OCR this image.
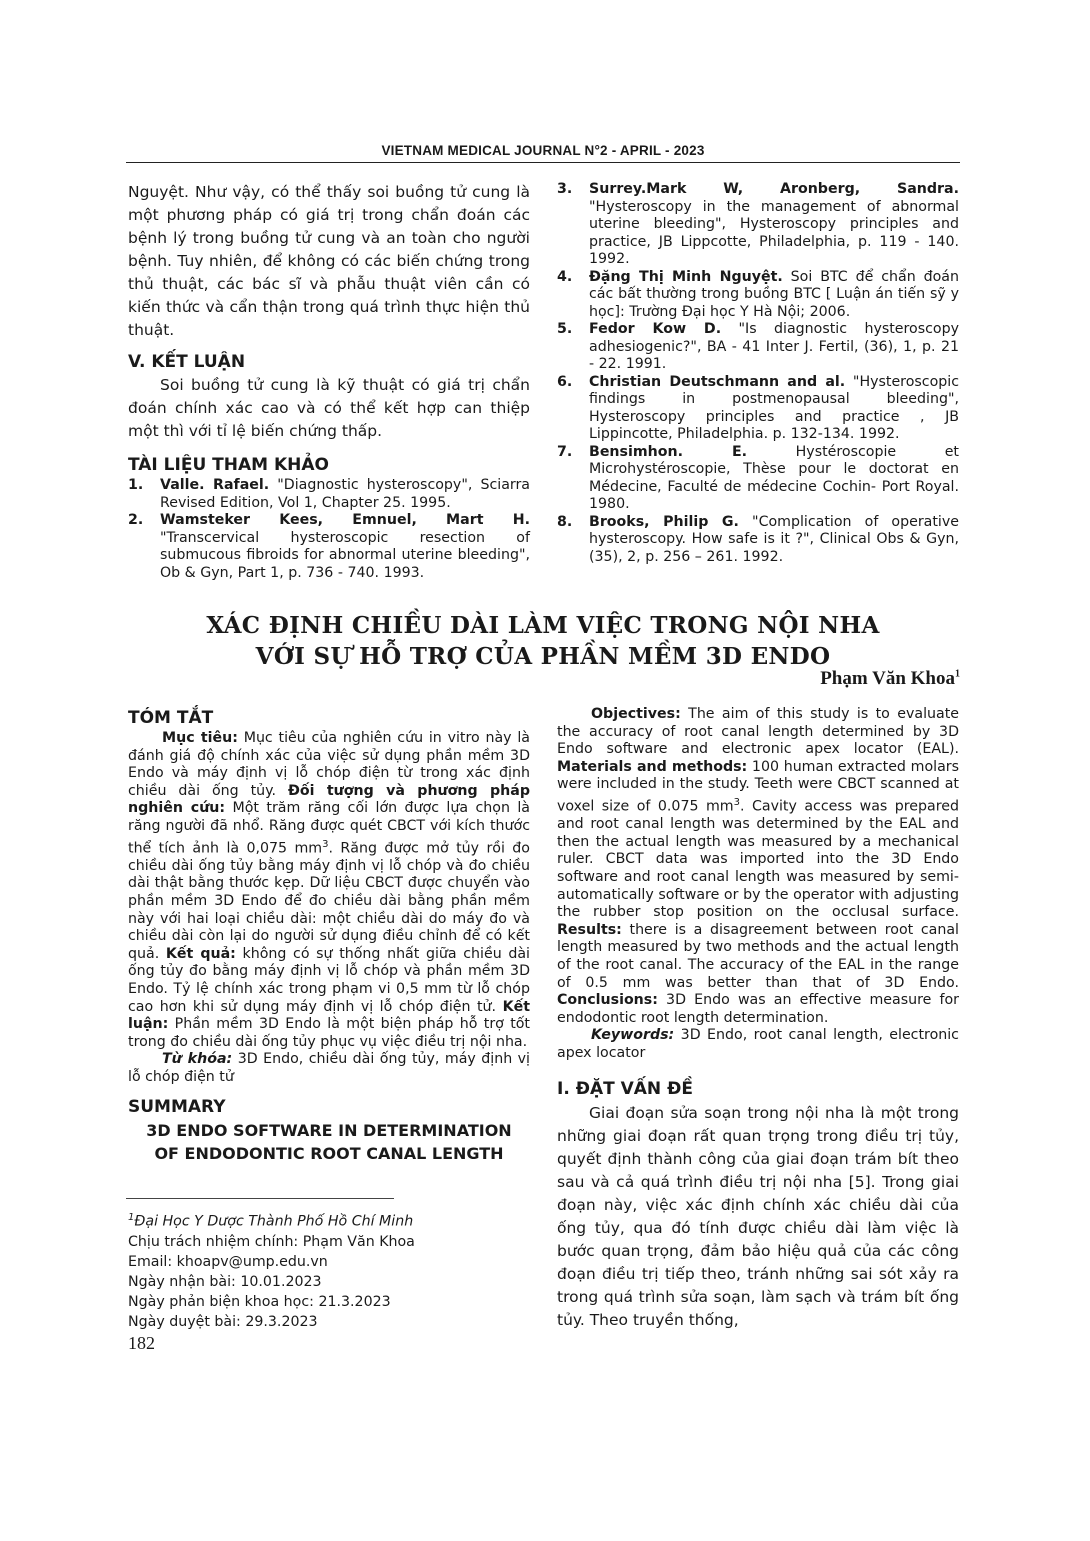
VIETNAM MEDICAL JOURNAL N°2 - APRIL - 2023

Nguyệt. Như vậy, có thể thấy soi buồng tử cung là một phương pháp có giá trị trong chẩn đoán các bệnh lý trong buồng tử cung và an toàn cho người bệnh. Tuy nhiên, để không có các biến chứng trong thủ thuật, các bác sĩ và phẫu thuật viên cần có kiến thức và cẩn thận trong quá trình thực hiện thủ thuật.

V. KẾT LUẬN

Soi buồng tử cung là kỹ thuật có giá trị chẩn đoán chính xác cao và có thể kết hợp can thiệp một thì với tỉ lệ biến chứng thấp.

TÀI LIỆU THAM KHẢO

1.	Valle. Rafael. "Diagnostic hysteroscopy", Sciarra Revised Edition, Vol 1, Chapter 25. 1995.
2.	Wamsteker Kees, Emnuel, Mart H. "Transcervical hysteroscopic resection of submucous fibroids for abnormal uterine bleeding", Ob & Gyn, Part 1, p. 736 - 740. 1993.
3.	Surrey.Mark W, Aronberg, Sandra. "Hysteroscopy in the management of abnormal uterine bleeding", Hysteroscopy principles and practice, JB Lippcotte, Philadelphia, p. 119 - 140. 1992.
4.	Đặng Thị Minh Nguyệt. Soi BTC để chẩn đoán các bất thường trong buồng BTC [ Luận án tiến sỹ y học]: Trường Đại học Y Hà Nội; 2006.
5.	Fedor Kow D. "Is diagnostic hysteroscopy adhesiogenic?", BA - 41 Inter J. Fertil, (36), 1, p. 21 - 22. 1991.
6.	Christian Deutschmann and al. "Hysteroscopic findings in postmenopausal bleeding", Hysteroscopy principles and practice , JB Lippincotte, Philadelphia. p. 132-134. 1992.
7.	Bensimhon. E. Hystéroscopie et Microhystéroscopie, Thèse pour le doctorat en Médecine, Faculté de médecine Cochin- Port Royal. 1980.
8.	Brooks, Philip G. "Complication of operative hysteroscopy. How safe is it ?", Clinical Obs & Gyn, (35), 2, p. 256 – 261. 1992.
XÁC ĐỊNH CHIỀU DÀI LÀM VIỆC TRONG NỘI NHA
VỚI SỰ HỖ TRỢ CỦA PHẦN MỀM 3D ENDO
Phạm Văn Khoa$^1$

TÓM TẮT

Mục tiêu: Mục tiêu của nghiên cứu in vitro này là đánh giá độ chính xác của việc sử dụng phần mềm 3D Endo và máy định vị lỗ chóp điện từ trong xác định chiều dài ống tủy. Đối tượng và phương pháp nghiên cứu: Một trăm răng cối lớn được lựa chọn là răng người đã nhổ. Răng được quét CBCT với kích thước thể tích ảnh là 0,075 $mm^3$. Răng được mở tủy rồi đo chiều dài ống tủy bằng máy định vị lỗ chóp và đo chiều dài thật bằng thước kẹp. Dữ liệu CBCT được chuyển vào phần mềm 3D Endo để đo chiều dài bằng phần mềm này với hai loại chiều dài: một chiều dài do máy đo và chiều dài còn lại do người sử dụng điều chỉnh để có kết quả. Kết quả: không có sự thống nhất giữa chiều dài ống tủy đo bằng máy định vị lỗ chóp và phần mềm 3D Endo. Tỷ lệ chính xác trong phạm vi 0,5 mm từ lỗ chóp cao hơn khi sử dụng máy định vị lỗ chóp điện tử. Kết luận: Phần mềm 3D Endo là một biện pháp hỗ trợ tốt trong đo chiều dài ống tủy phục vụ việc điều trị nội nha.

Từ khóa: 3D Endo, chiều dài ống tủy, máy định vị lỗ chóp điện tử

SUMMARY

3D ENDO SOFTWARE IN DETERMINATION

OF ENDODONTIC ROOT CANAL LENGTH

$^1$Đại Học Y Dược Thành Phố Hồ Chí Minh
Chịu trách nhiệm chính: Phạm Văn Khoa
Email: khoapv@ump.edu.vn
Ngày nhận bài: 10.01.2023
Ngày phản biện khoa học: 21.3.2023
Ngày duyệt bài: 29.3.2023
182

Objectives: The aim of this study is to evaluate the accuracy of root canal length determined by 3D Endo software and electronic apex locator (EAL). Materials and methods: 100 human extracted molars were included in the study. Teeth were CBCT scanned at voxel size of 0.075 $mm^3$. Cavity access was prepared and root canal length was determined by the EAL and then the actual length was measured by a mechanical ruler. CBCT data was imported into the 3D Endo software and root canal length was measured by semi-automatically software or by the operator with adjusting the rubber stop position on the occlusal surface. Results: there is a disagreement between root canal length measured by two methods and the actual length of the root canal. The accuracy of the EAL in the range of 0.5 mm was better than that of 3D Endo. Conclusions: 3D Endo was an effective measure for endodontic root length determination.

Keywords: 3D Endo, root canal length, electronic apex locator

I. ĐẶT VẤN ĐỀ

Giai đoạn sửa soạn trong nội nha là một trong những giai đoạn rất quan trọng trong điều trị tủy, quyết định thành công của giai đoạn trám bít theo sau và cả quá trình điều trị nội nha [5]. Trong giai đoạn này, việc xác định chính xác chiều dài của ống tủy, qua đó tính được chiều dài làm việc là bước quan trọng, đảm bảo hiệu quả của các công đoạn điều trị tiếp theo, tránh những sai sót xảy ra trong quá trình sửa soạn, làm sạch và trám bít ống tủy. Theo truyền thống,
